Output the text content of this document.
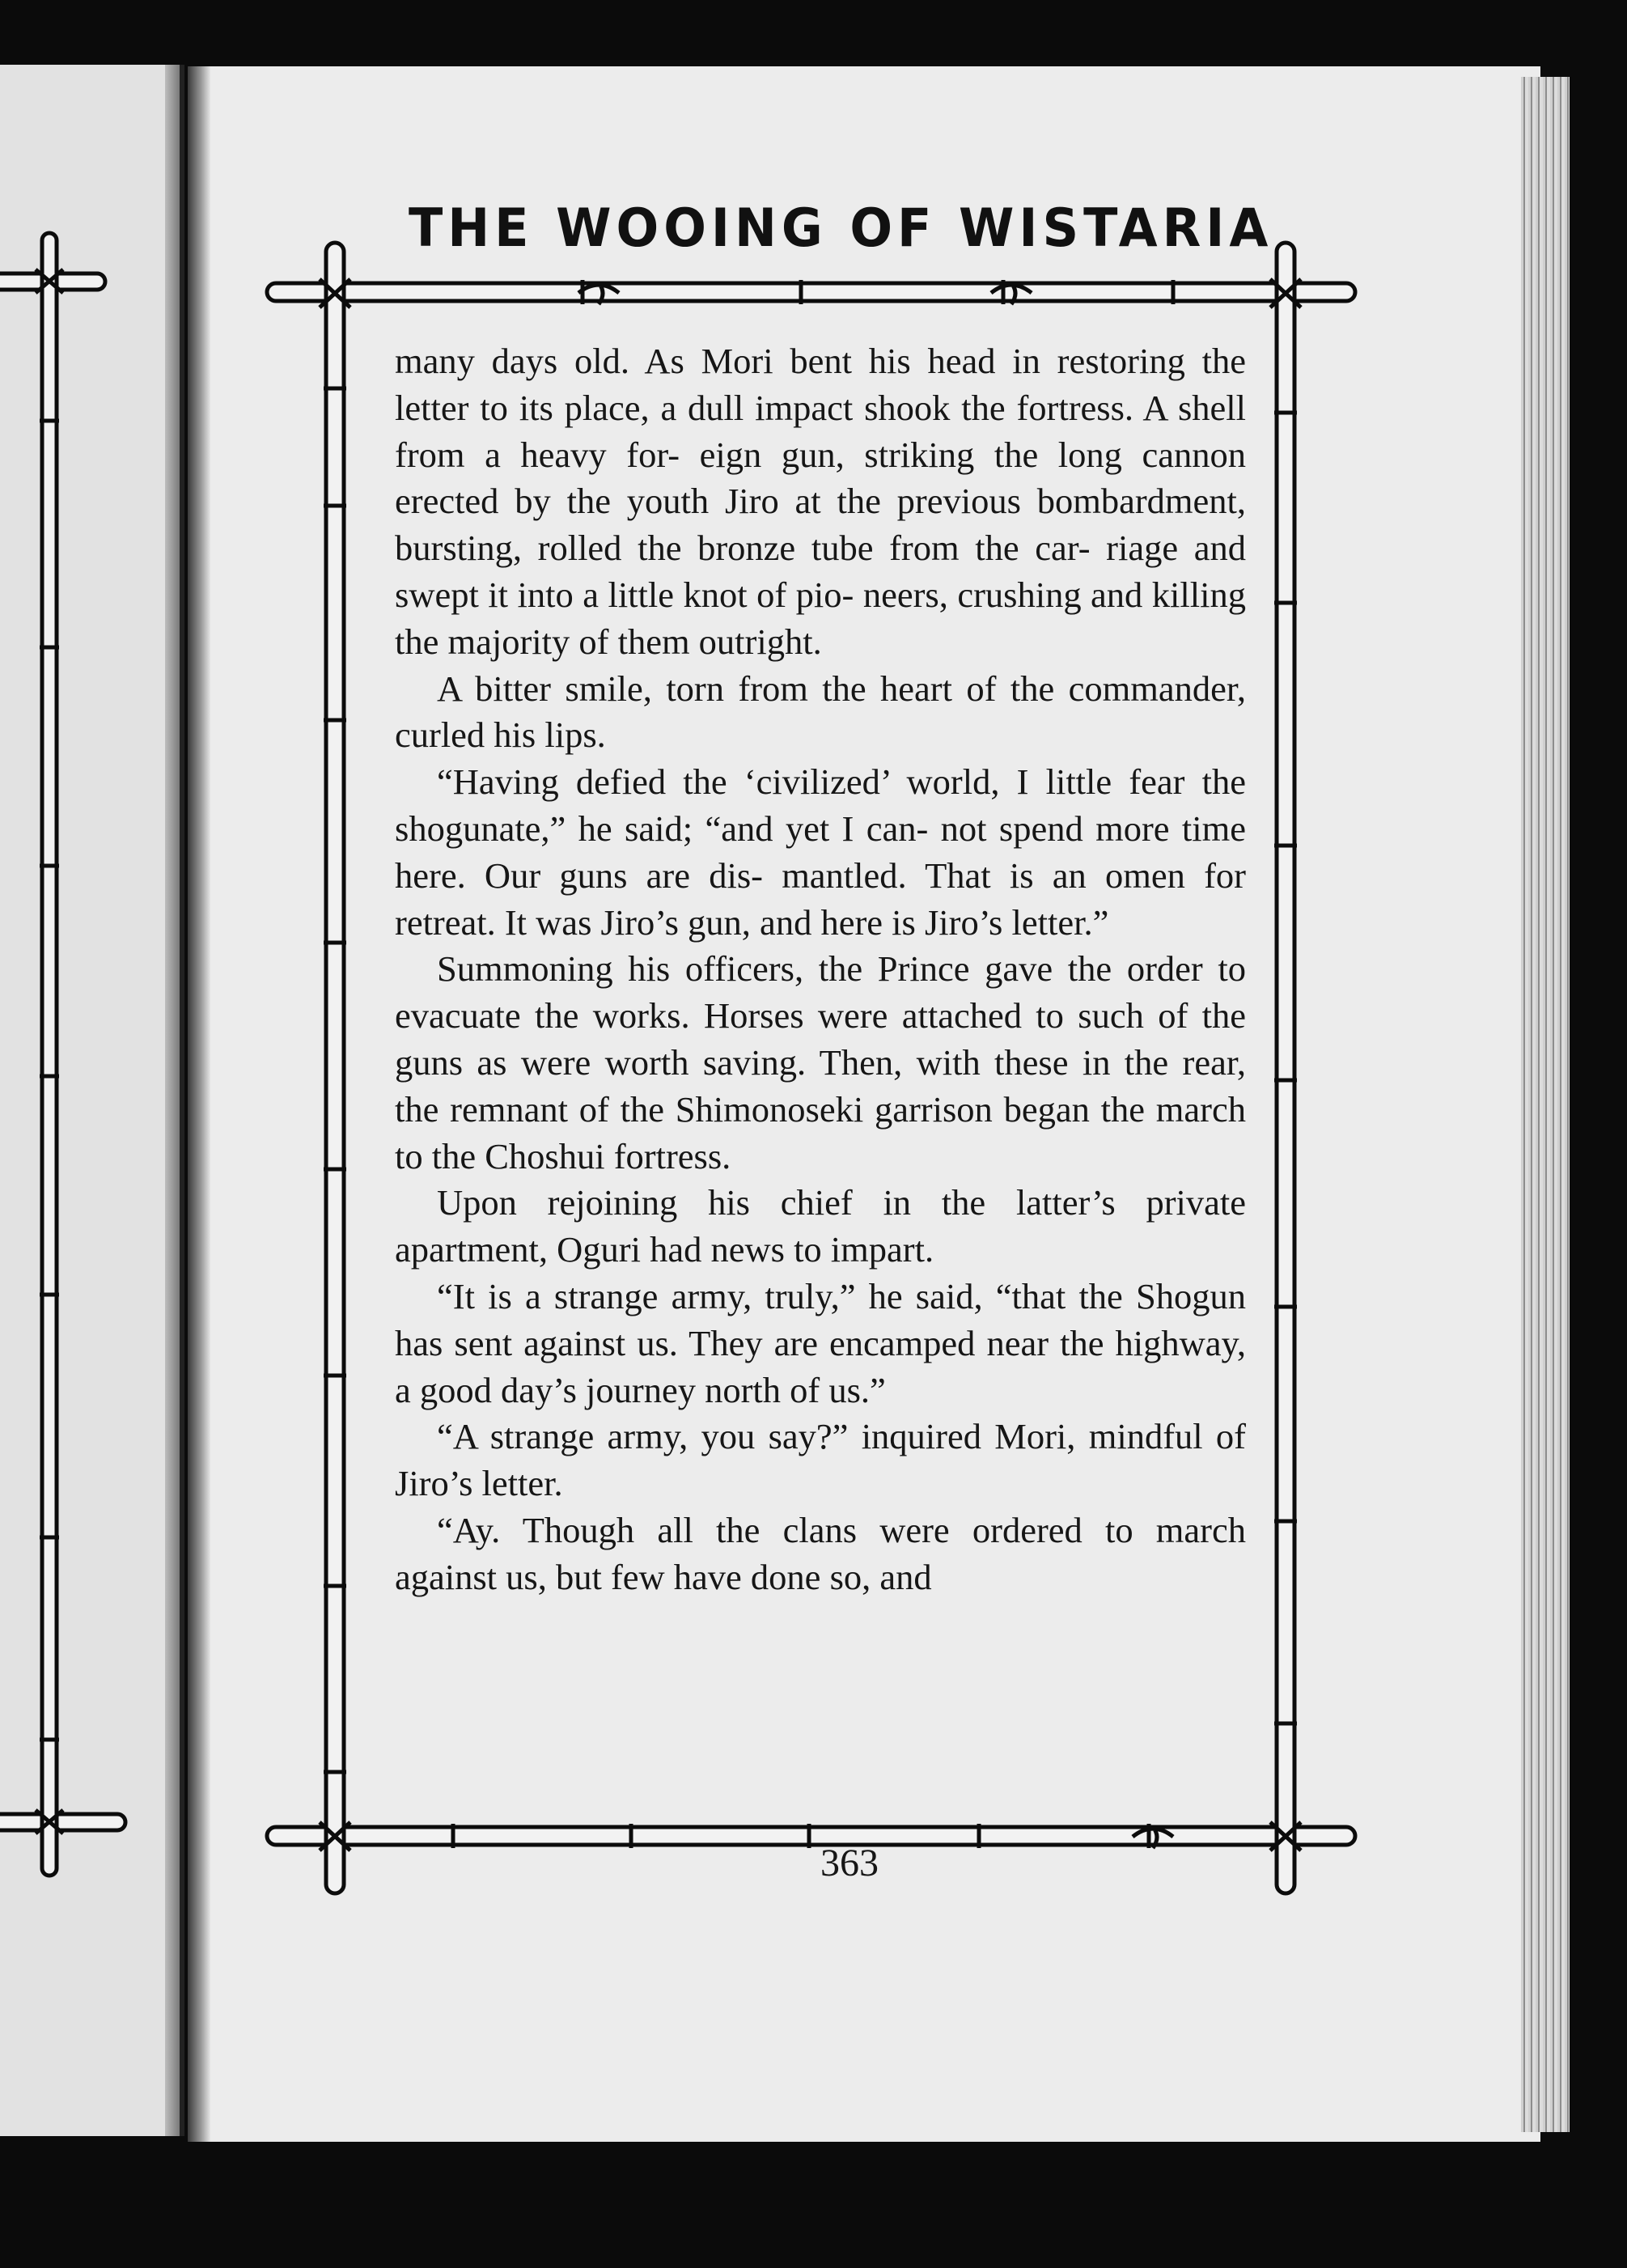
THE WOOING OF WISTARIA

many days old. As Mori bent his head in restoring the letter to its place, a dull impact shook the fortress. A shell from a heavy for- eign gun, striking the long cannon erected by the youth Jiro at the previous bombardment, bursting, rolled the bronze tube from the car- riage and swept it into a little knot of pio- neers, crushing and killing the majority of them outright.

A bitter smile, torn from the heart of the commander, curled his lips.

“Having defied the ‘civilized’ world, I little fear the shogunate,” he said; “and yet I can- not spend more time here. Our guns are dis- mantled. That is an omen for retreat. It was Jiro’s gun, and here is Jiro’s letter.”

Summoning his officers, the Prince gave the order to evacuate the works. Horses were attached to such of the guns as were worth saving. Then, with these in the rear, the remnant of the Shimonoseki garrison began the march to the Choshui fortress.

Upon rejoining his chief in the latter’s private apartment, Oguri had news to impart.

“It is a strange army, truly,” he said, “that the Shogun has sent against us. They are encamped near the highway, a good day’s journey north of us.”

“A strange army, you say?” inquired Mori, mindful of Jiro’s letter.

“Ay. Though all the clans were ordered to march against us, but few have done so, and

363
